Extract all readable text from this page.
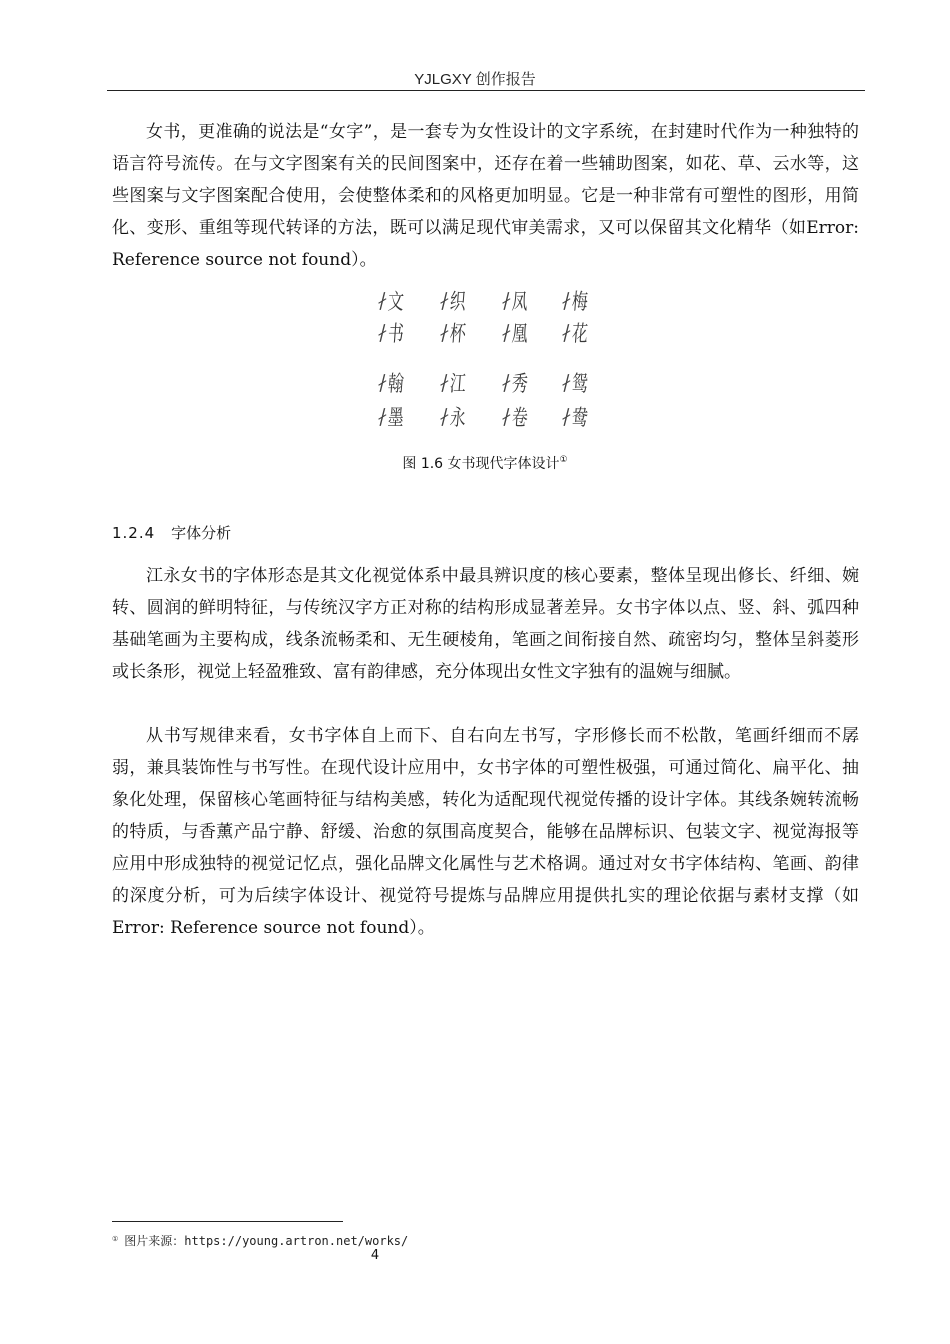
YJLGXY 创作报告

女书，更准确的说法是“女字”，是一套专为女性设计的文字系统，在封建时代作为一种独特的语言符号流传。在与文字图案有关的民间图案中，还存在着一些辅助图案，如花、草、云水等，这些图案与文字图案配合使用，会使整体柔和的风格更加明显。它是一种非常有可塑性的图形，用简化、变形、重组等现代转译的方法，既可以满足现代审美需求，又可以保留其文化精华（如Error: Reference source not found）。

∤
文
∤
书
∤
织
∤
杯
∤
凤
∤
凰
∤
梅
∤
花
∤
翰
∤
墨
∤
江
∤
永
∤
秀
∤
卷
∤
鸳
∤
鸯
图 1.6 女书现代字体设计①
1.2.4 字体分析

江永女书的字体形态是其文化视觉体系中最具辨识度的核心要素，整体呈现出修长、纤细、婉转、圆润的鲜明特征，与传统汉字方正对称的结构形成显著差异。女书字体以点、竖、斜、弧四种基础笔画为主要构成，线条流畅柔和、无生硬棱角，笔画之间衔接自然、疏密均匀，整体呈斜菱形或长条形，视觉上轻盈雅致、富有韵律感，充分体现出女性文字独有的温婉与细腻。

从书写规律来看，女书字体自上而下、自右向左书写，字形修长而不松散，笔画纤细而不孱弱，兼具装饰性与书写性。在现代设计应用中，女书字体的可塑性极强，可通过简化、扁平化、抽象化处理，保留核心笔画特征与结构美感，转化为适配现代视觉传播的设计字体。其线条婉转流畅的特质，与香薰产品宁静、舒缓、治愈的氛围高度契合，能够在品牌标识、包装文字、视觉海报等应用中形成独特的视觉记忆点，强化品牌文化属性与艺术格调。通过对女书字体结构、笔画、韵律的深度分析，可为后续字体设计、视觉符号提炼与品牌应用提供扎实的理论依据与素材支撑（如Error: Reference source not found）。

① 图片来源：https://young.artron.net/works/
4
